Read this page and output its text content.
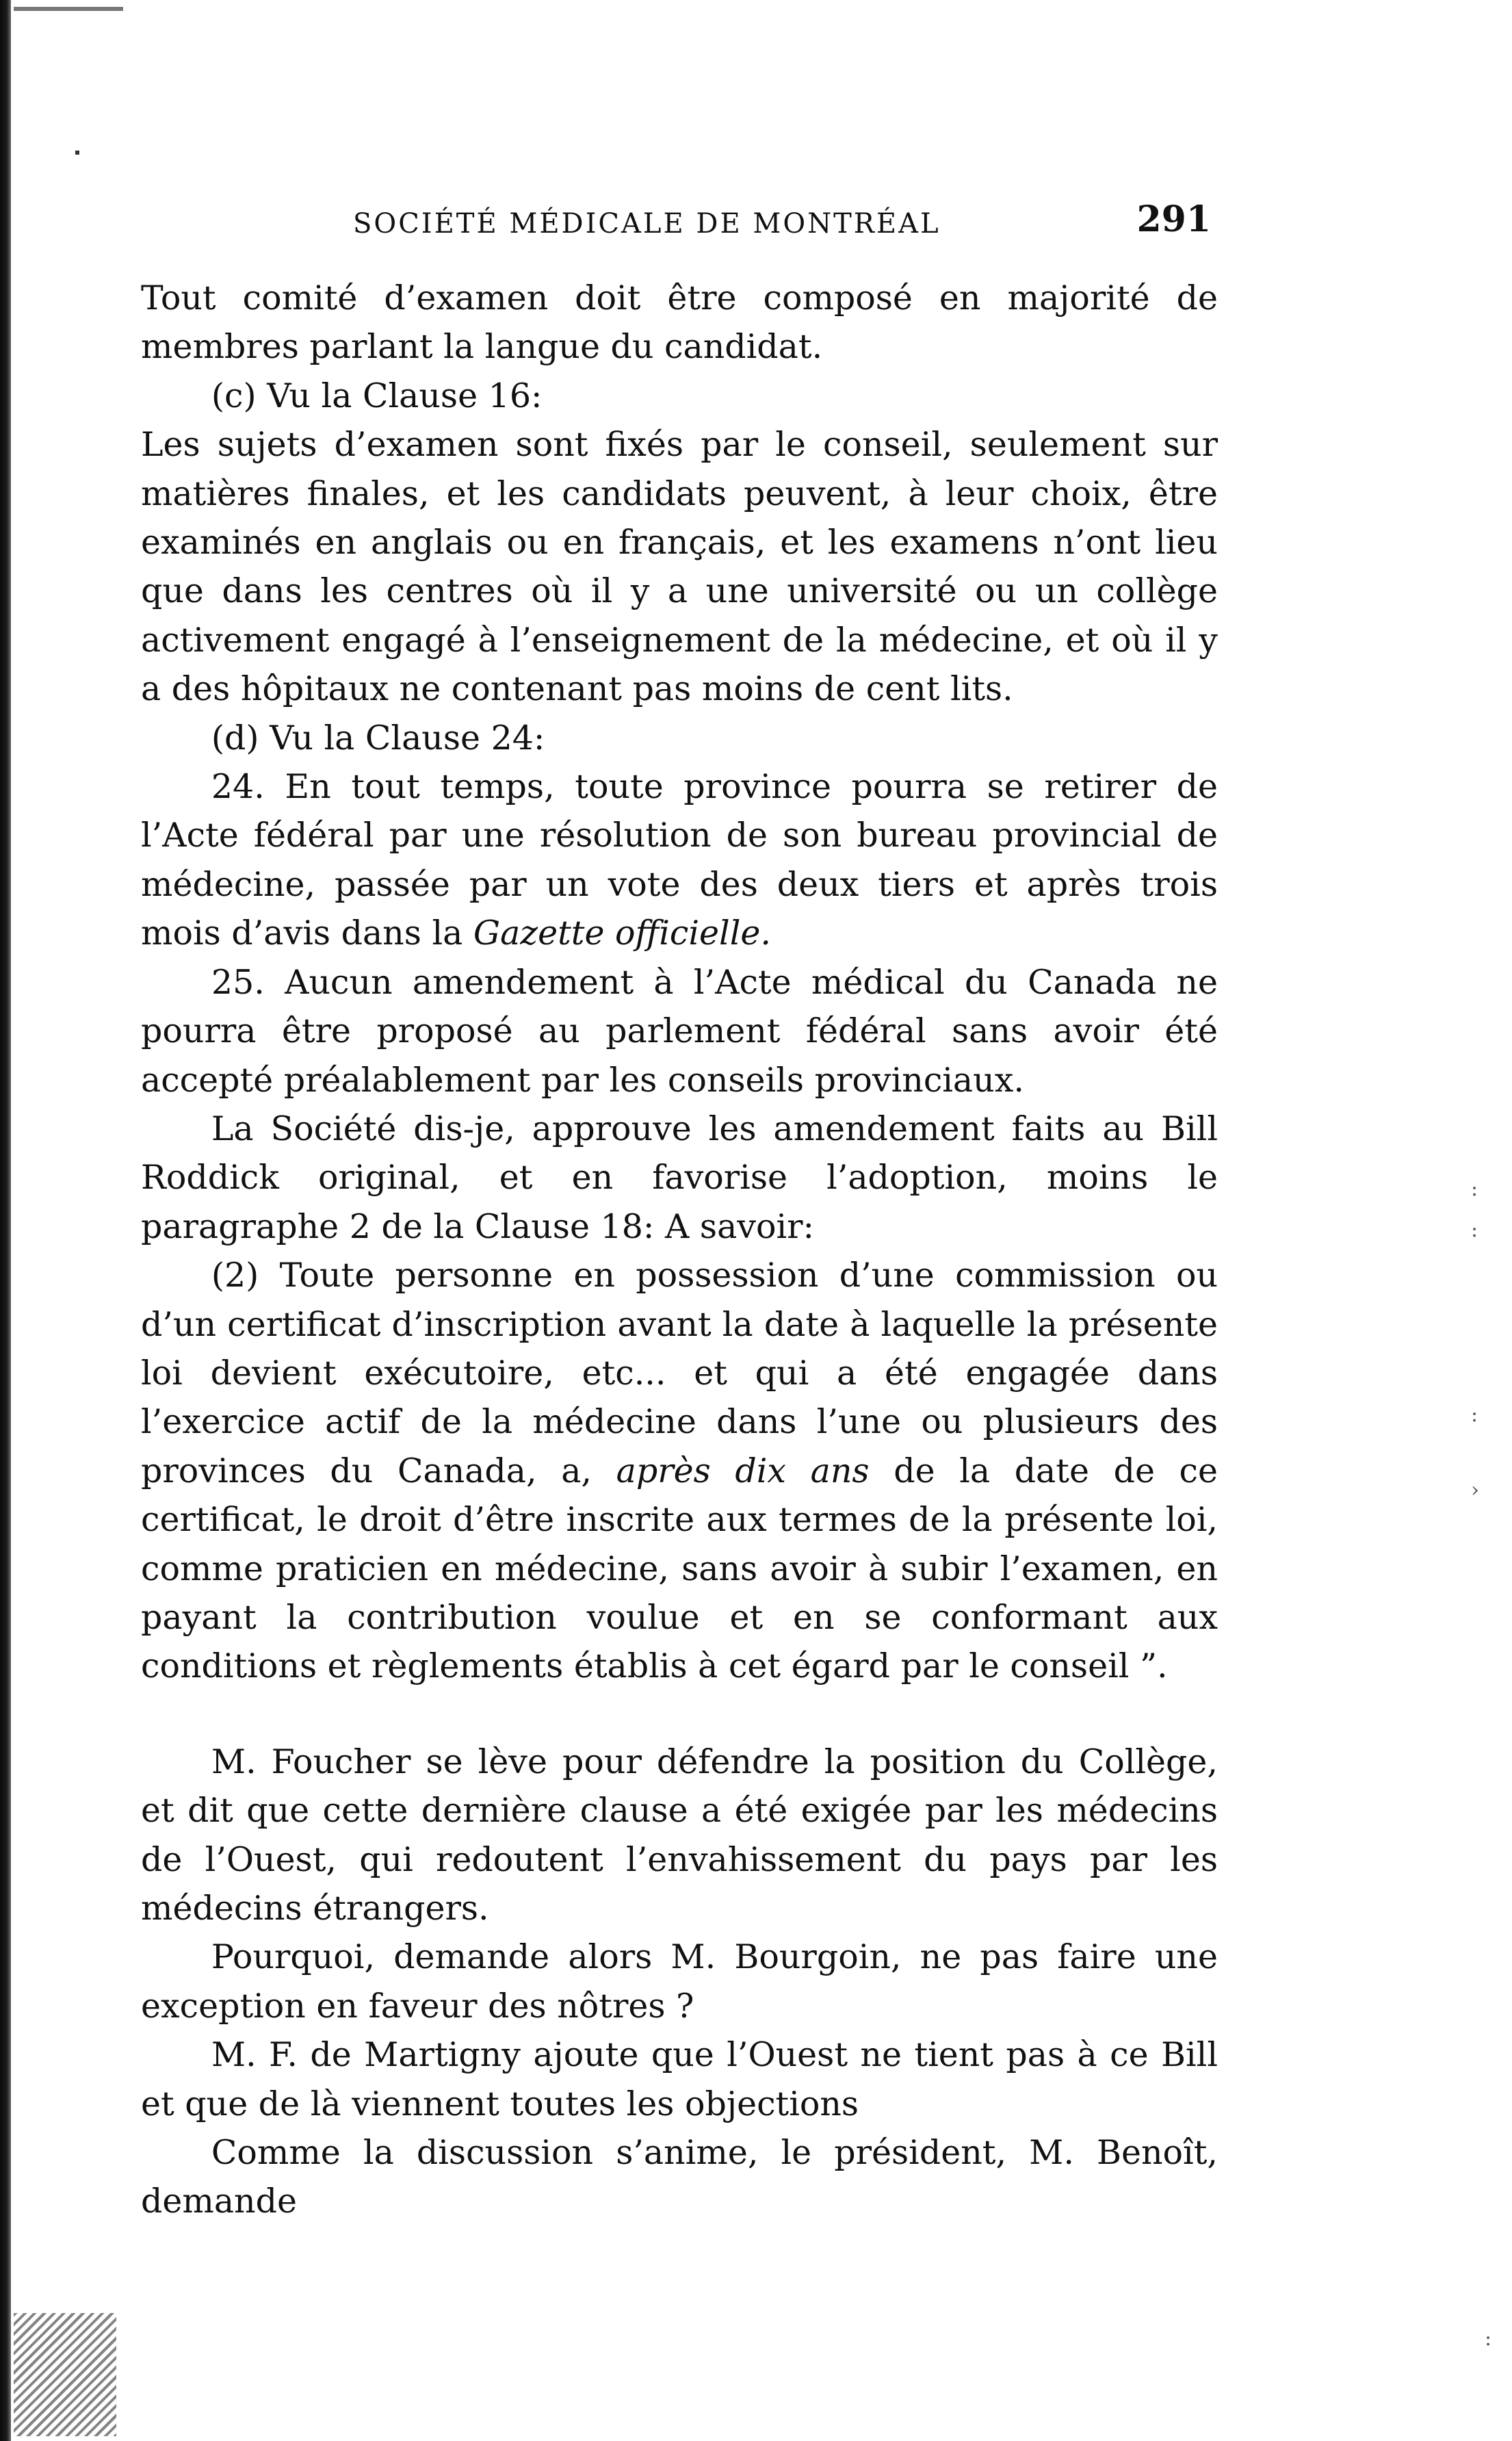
:
:
:
›
:
SOCIÉTÉ MÉDICALE DE MONTRÉAL	291

Tout comité d’examen doit être composé en majorité de membres parlant la langue du candidat.

(c) Vu la Clause 16:

Les sujets d’examen sont fixés par le conseil, seulement sur matières finales, et les candidats peuvent, à leur choix, être examinés en anglais ou en français, et les examens n’ont lieu que dans les centres où il y a une université ou un collège activement engagé à l’enseignement de la médecine, et où il y a des hôpitaux ne contenant pas moins de cent lits.

(d) Vu la Clause 24:

24. En tout temps, toute province pourra se retirer de l’Acte fédéral par une résolution de son bureau provincial de médecine, passée par un vote des deux tiers et après trois mois d’avis dans la Gazette officielle.

25. Aucun amendement à l’Acte médical du Canada ne pourra être proposé au parlement fédéral sans avoir été accepté préalablement par les conseils provinciaux.

La Société dis-je, approuve les amendement faits au Bill Roddick original, et en favorise l’adoption, moins le paragraphe 2 de la Clause 18: A savoir:

(2) Toute personne en possession d’une commission ou d’un certificat d’inscription avant la date à laquelle la présente loi devient exécutoire, etc... et qui a été engagée dans l’exercice actif de la médecine dans l’une ou plusieurs des provinces du Canada, a, après dix ans de la date de ce certificat, le droit d’être inscrite aux termes de la présente loi, comme praticien en médecine, sans avoir à subir l’examen, en payant la contribution voulue et en se conformant aux conditions et règlements établis à cet égard par le conseil ”.

M. Foucher se lève pour défendre la position du Collège, et dit que cette dernière clause a été exigée par les médecins de l’Ouest, qui redoutent l’envahissement du pays par les médecins étrangers.

Pourquoi, demande alors M. Bourgoin, ne pas faire une exception en faveur des nôtres ?

M. F. de Martigny ajoute que l’Ouest ne tient pas à ce Bill et que de là viennent toutes les objections

Comme la discussion s’anime, le président, M. Benoît, demande
